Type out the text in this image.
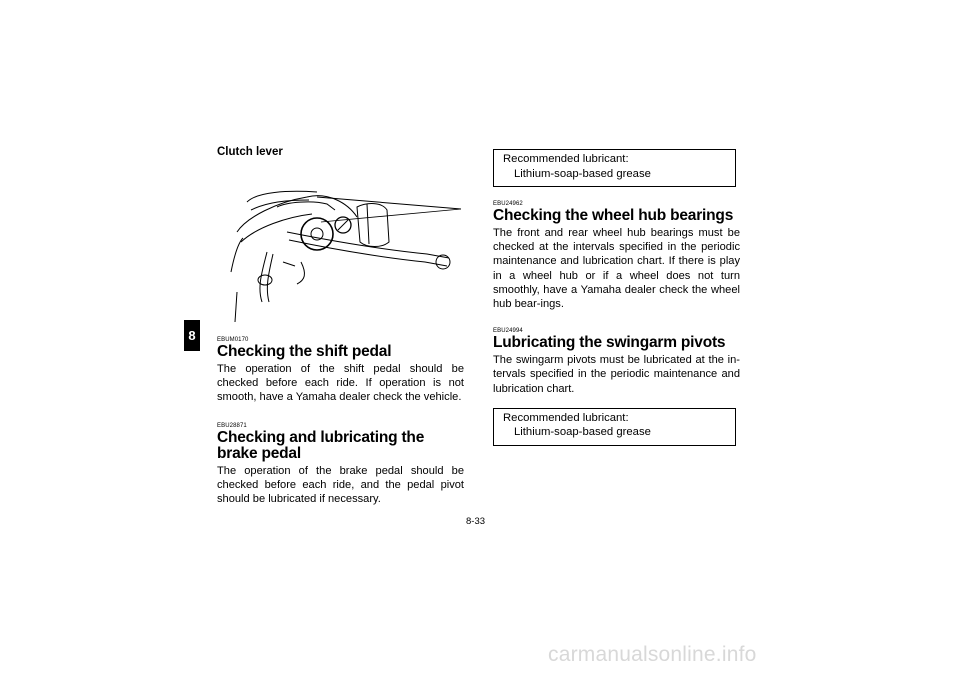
8
Clutch lever
EBUM0170
Checking the shift pedal

The operation of the shift pedal should be checked before each ride. If operation is not smooth, have a Yamaha dealer check the vehicle.

EBU28871
Checking and lubricating the brake pedal

The operation of the brake pedal should be checked before each ride, and the pedal pivot should be lubricated if necessary.

Recommended lubricant:
Lithium-soap-based grease
EBU24962
Checking the wheel hub bearings

The front and rear wheel hub bearings must be checked at the intervals specified in the periodic maintenance and lubrication chart. If there is play in a wheel hub or if a wheel does not turn smoothly, have a Yamaha dealer check the wheel hub bear-ings.

EBU24994
Lubricating the swingarm pivots

The swingarm pivots must be lubricated at the in-tervals specified in the periodic maintenance and lubrication chart.

Recommended lubricant:
Lithium-soap-based grease
8-33
carmanualsonline.info
